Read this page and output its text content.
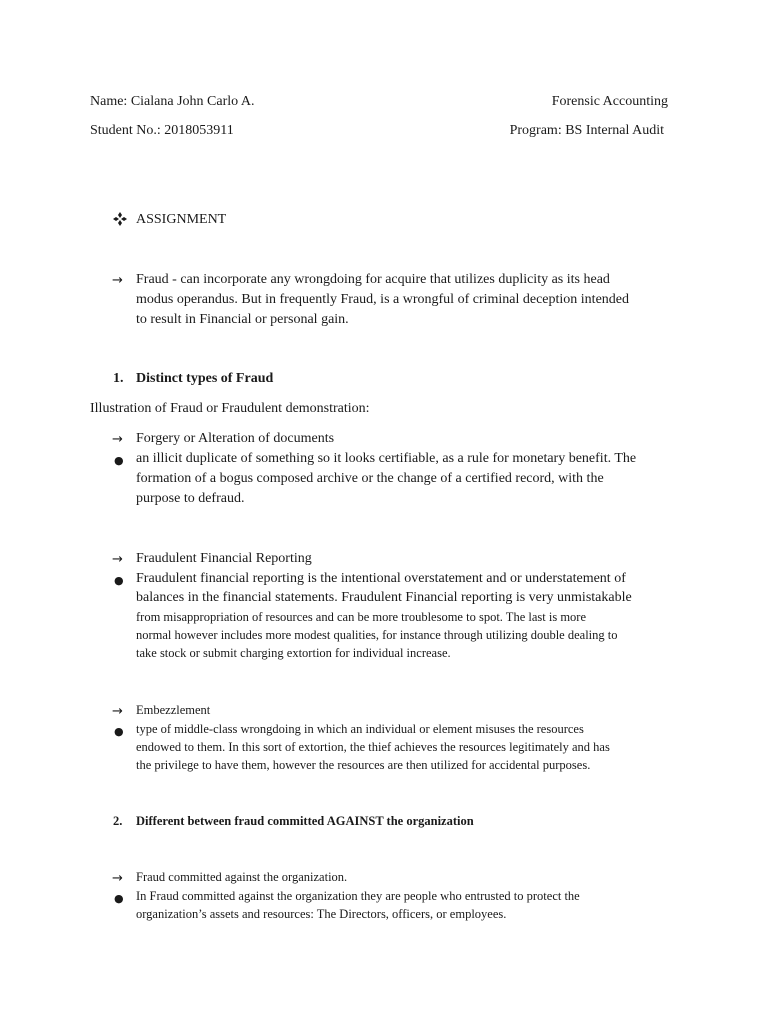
Name: Cialana John Carlo A.	Forensic Accounting
Student No.: 2018053911	Program: BS Internal Audit
ASSIGNMENT
→ Fraud - can incorporate any wrongdoing for acquire that utilizes duplicity as its head
modus operandus. But in frequently Fraud, is a wrongful of criminal deception intended
to result in Financial or personal gain.
1. Distinct types of Fraud
Illustration of Fraud or Fraudulent demonstration:
→ Forgery or Alteration of documents
● an illicit duplicate of something so it looks certifiable, as a rule for monetary benefit. The
formation of a bogus composed archive or the change of a certified record, with the
purpose to defraud.
→ Fraudulent Financial Reporting
● Fraudulent financial reporting is the intentional overstatement and or understatement of
balances in the financial statements. Fraudulent Financial reporting is very unmistakable
from misappropriation of resources and can be more troublesome to spot. The last is more
normal however includes more modest qualities, for instance through utilizing double dealing to
take stock or submit charging extortion for individual increase.
→ Embezzlement
● type of middle-class wrongdoing in which an individual or element misuses the resources
endowed to them. In this sort of extortion, the thief achieves the resources legitimately and has
the privilege to have them, however the resources are then utilized for accidental purposes.
2. Different between fraud committed AGAINST the organization
→ Fraud committed against the organization.
● In Fraud committed against the organization they are people who entrusted to protect the
organization’s assets and resources: The Directors, officers, or employees.
